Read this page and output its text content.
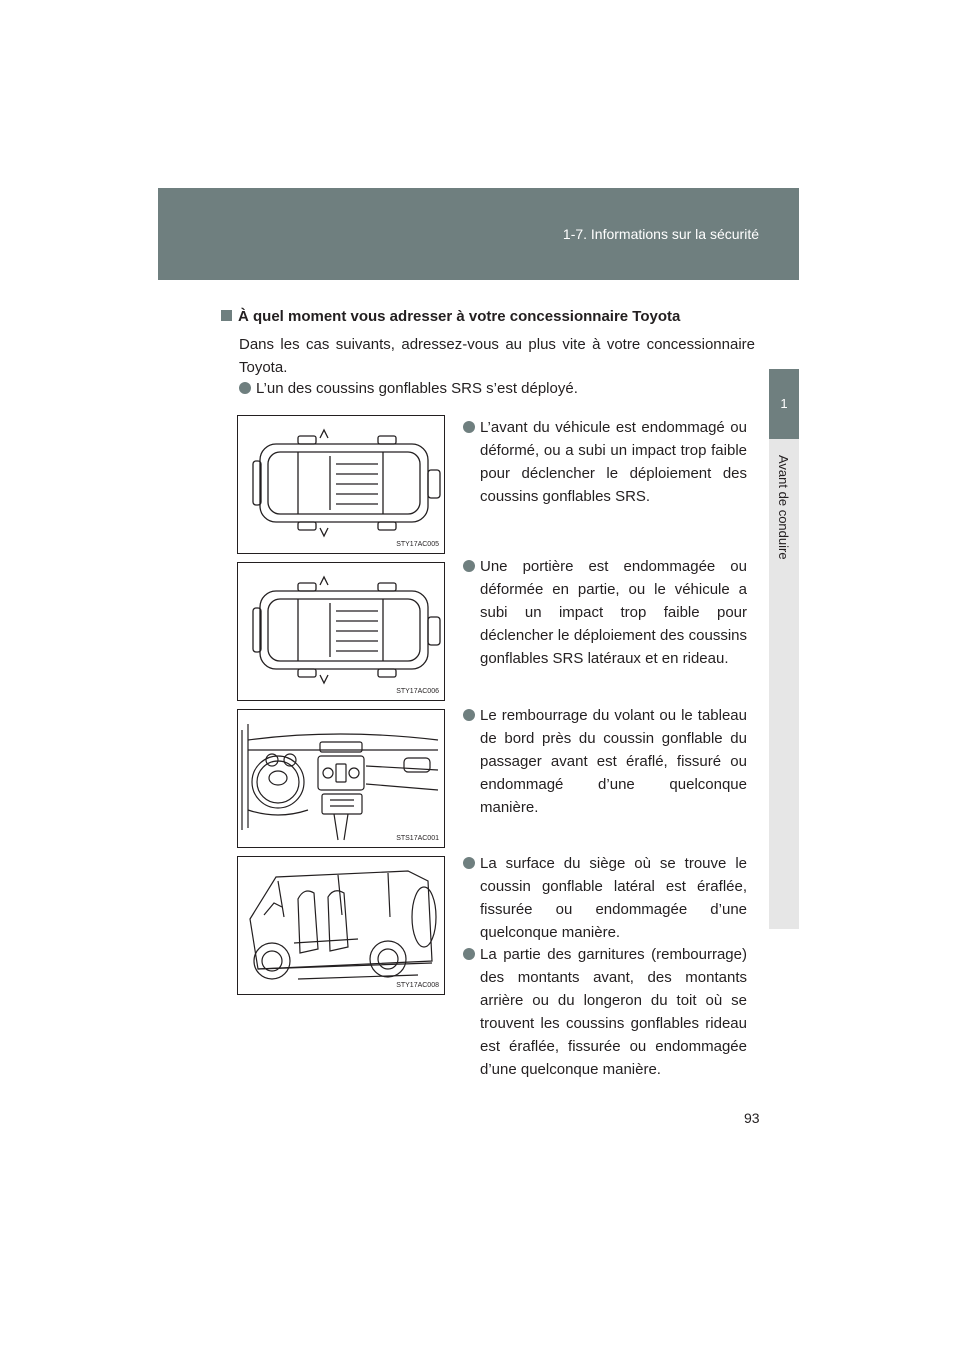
1-7. Informations sur la sécurité
1
Avant de conduire
À quel moment vous adresser à votre concessionnaire Toyota
Dans les cas suivants, adressez-vous au plus vite à votre concessionnaire Toyota.
L’un des coussins gonflables SRS s’est déployé.
STY17AC005
L’avant du véhicule est endommagé ou déformé, ou a subi un impact trop faible pour déclencher le déploiement des coussins gonflables SRS.
STY17AC006
Une portière est endommagée ou déformée en partie, ou le véhicule a subi un impact trop faible pour déclencher le déploiement des coussins gonflables SRS latéraux et en rideau.
STS17AC001
Le rembourrage du volant ou le tableau de bord près du coussin gonflable du passager avant est éraflé, fissuré ou endommagé d’une quelconque manière.
STY17AC008
La surface du siège où se trouve le coussin gonflable latéral est éraflée, fissurée ou endommagée d’une quelconque manière.
La partie des garnitures (rembourrage) des montants avant, des montants arrière ou du longeron du toit où se trouvent les coussins gonflables rideau est éraflée, fissurée ou endommagée d’une quelconque manière.
93
